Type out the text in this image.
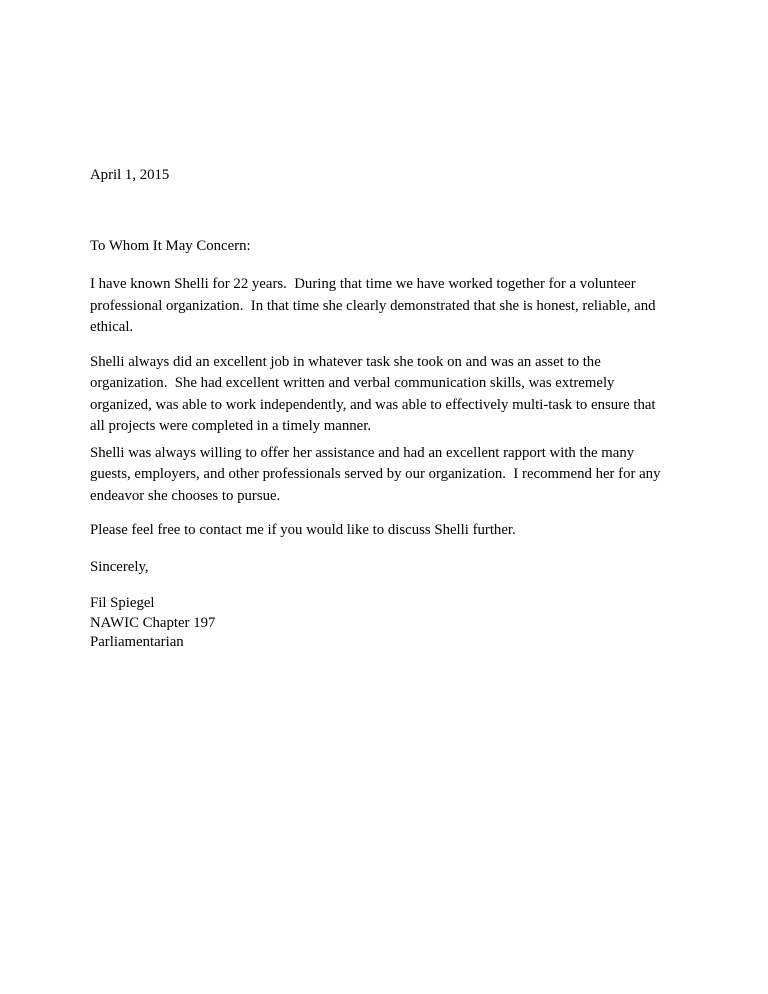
April 1, 2015

To Whom It May Concern:

I have known Shelli for 22 years.  During that time we have worked together for a volunteer

professional organization.  In that time she clearly demonstrated that she is honest, reliable, and

ethical.

Shelli always did an excellent job in whatever task she took on and was an asset to the

organization.  She had excellent written and verbal communication skills, was extremely

organized, was able to work independently, and was able to effectively multi-task to ensure that

all projects were completed in a timely manner.

Shelli was always willing to offer her assistance and had an excellent rapport with the many

guests, employers, and other professionals served by our organization.  I recommend her for any

endeavor she chooses to pursue.

Please feel free to contact me if you would like to discuss Shelli further.

Sincerely,

Fil Spiegel

NAWIC Chapter 197

Parliamentarian
